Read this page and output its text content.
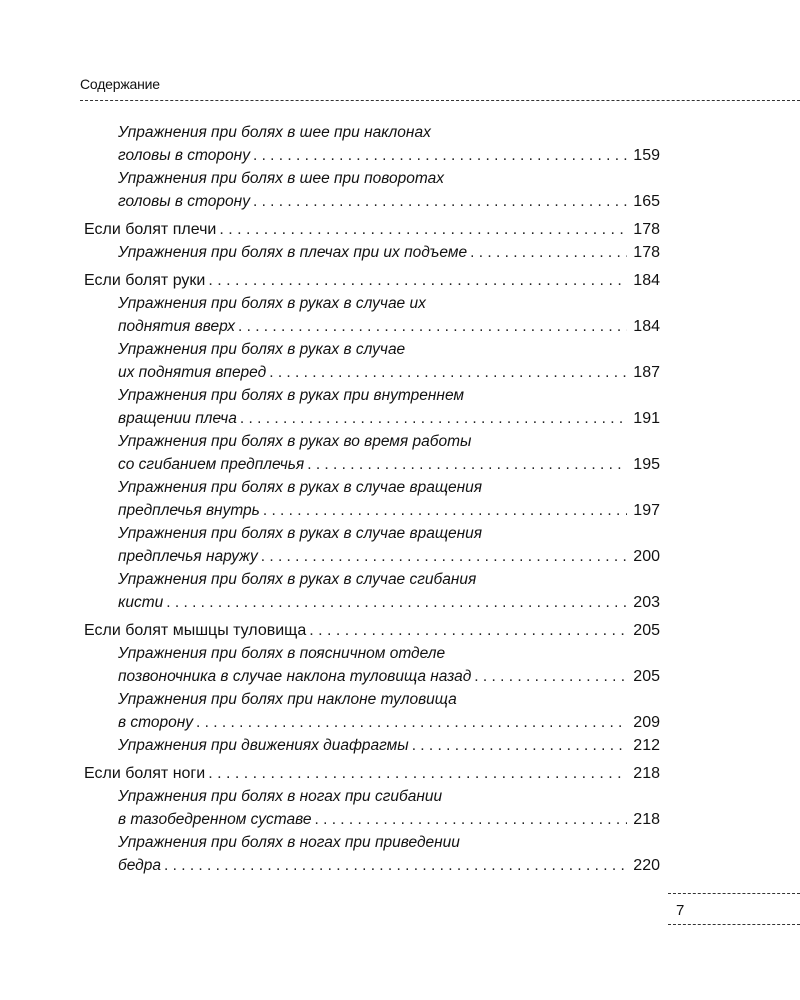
Содержание
Упражнения при болях в шее при наклонах
головы в сторону . . .	159
Упражнения при болях в шее при поворотах
головы в сторону . . .	165
Если болят плечи . . .	178
Упражнения при болях в плечах при их подъеме . . .	178
Если болят руки . . .	184
Упражнения при болях в руках в случае их
поднятия вверх . . .	184
Упражнения при болях в руках в случае
их поднятия вперед . . .	187
Упражнения при болях в руках при внутреннем
вращении плеча . . .	191
Упражнения при болях в руках во время работы
со сгибанием предплечья . . .	195
Упражнения при болях в руках в случае вращения
предплечья внутрь . . .	197
Упражнения при болях в руках в случае вращения
предплечья наружу . . .	200
Упражнения при болях в руках в случае сгибания
кисти . . .	203
Если болят мышцы туловища . . .	205
Упражнения при болях в поясничном отделе
позвоночника в случае наклона туловища назад . . .	205
Упражнения при болях при наклоне туловища
в сторону . . .	209
Упражнения при движениях диафрагмы . . .	212
Если болят ноги . . .	218
Упражнения при болях в ногах при сгибании
в тазобедренном суставе . . .	218
Упражнения при болях в ногах при приведении
бедра . . .	220
7
